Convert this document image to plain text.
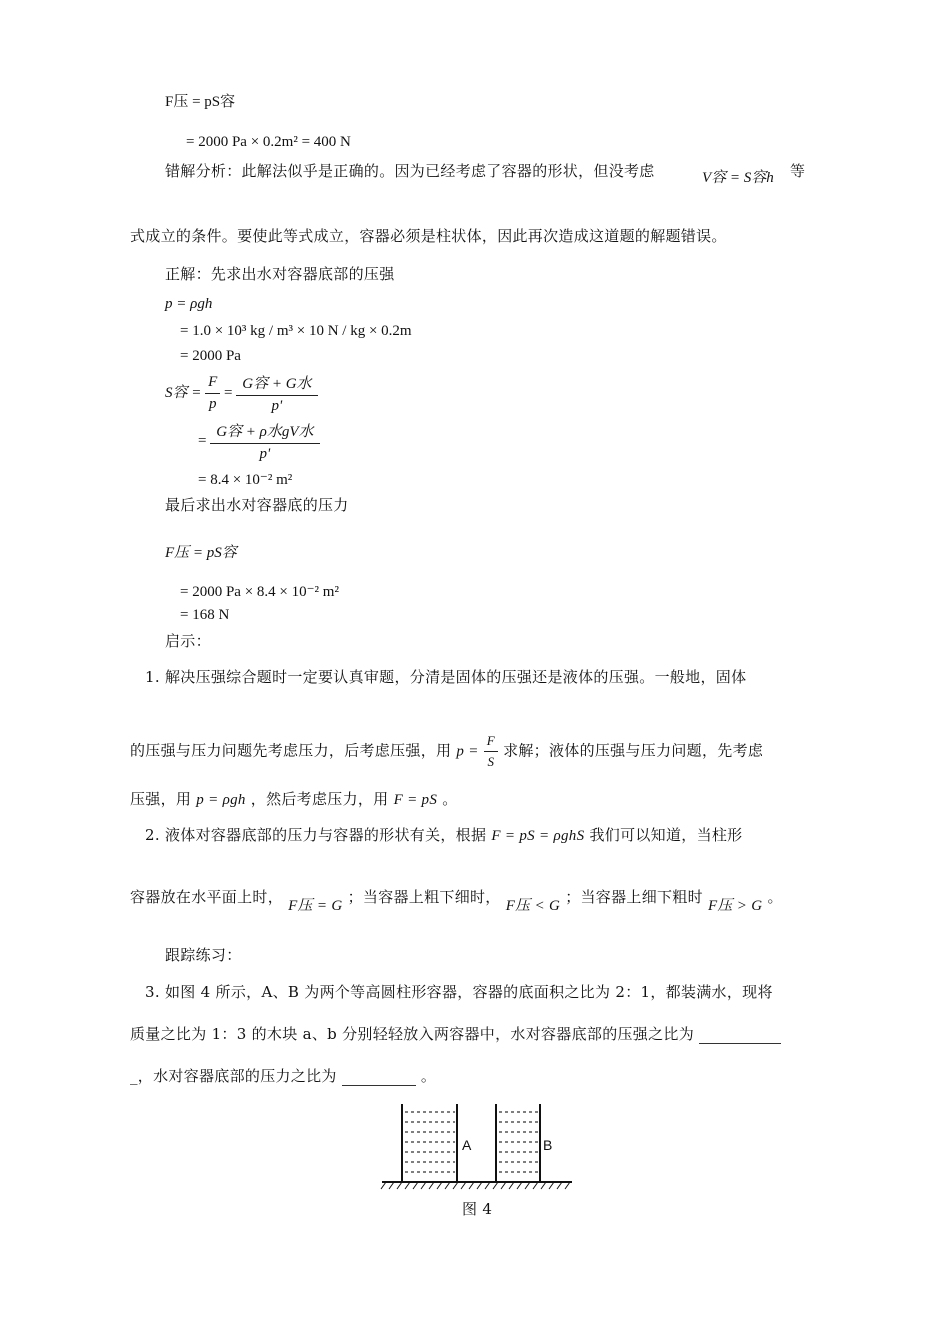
F压 = pS容
= 2000 Pa × 0.2m² = 400 N
错解分析：此解法似乎是正确的。因为已经考虑了容器的形状，但没考虑	V容 = S容h 等
式成立的条件。要使此等式成立，容器必须是柱状体，因此再次造成这道题的解题错误。
正解：先求出水对容器底部的压强
p = ρgh
= 1.0 × 10³ kg / m³ × 10 N / kg × 0.2m
= 2000 Pa
S容 = $\frac{F}{p} = \frac{\text{G容 + G水}}{p'}$
= $\frac{\text{G容 + ρ水gV水}}{p'}$
= 8.4 × 10⁻² m²
最后求出水对容器底的压力
F压 = pS容
= 2000 Pa × 8.4 × 10⁻² m²
= 168 N
启示：
1. 解决压强综合题时一定要认真审题，分清是固体的压强还是液体的压强。一般地，固体
的压强与压力问题先考虑压力，后考虑压强，用 $p = \frac{F}{S}$ 求解；液体的压强与压力问题，先考虑
压强，用 p = ρgh ，然后考虑压力，用 F = pS 。
2. 液体对容器底部的压力与容器的形状有关，根据 F = pS = ρghS 我们可以知道，当柱形
容器放在水平面上时， F压 = G ；当容器上粗下细时， F压 < G ；当容器上细下粗时 F压 > G 。
跟踪练习：
3. 如图 4 所示，A、B 为两个等高圆柱形容器，容器的底面积之比为 2：1，都装满水，现将
质量之比为 1：3 的木块 a、b 分别轻轻放入两容器中，水对容器底部的压强之比为
_，水对容器底部的压力之比为	。
A	B
图 4
